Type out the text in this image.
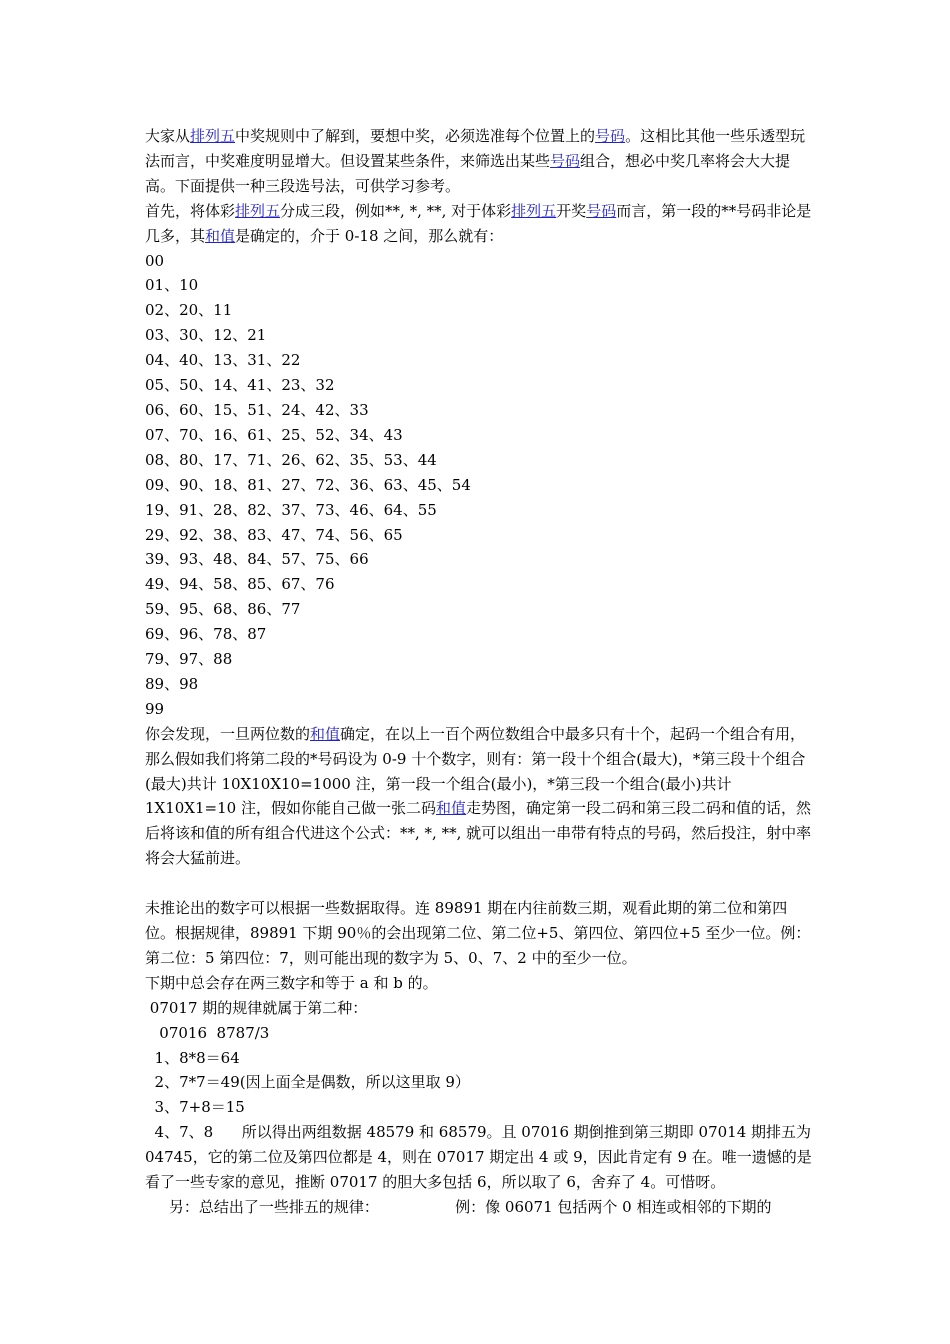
大家从排列五中奖规则中了解到，要想中奖，必须选准每个位置上的号码。这相比其他一些乐透型玩法而言，中奖难度明显增大。但设置某些条件，来筛选出某些号码组合，想必中奖几率将会大大提高。下面提供一种三段选号法，可供学习参考。

首先，将体彩排列五分成三段，例如**, *, **, 对于体彩排列五开奖号码而言，第一段的**号码非论是几多，其和值是确定的，介于 0-18 之间，那么就有：

00
01、10
02、20、11
03、30、12、21
04、40、13、31、22
05、50、14、41、23、32
06、60、15、51、24、42、33
07、70、16、61、25、52、34、43
08、80、17、71、26、62、35、53、44
09、90、18、81、27、72、36、63、45、54
19、91、28、82、37、73、46、64、55
29、92、38、83、47、74、56、65
39、93、48、84、57、75、66
49、94、58、85、67、76
59、95、68、86、77
69、96、78、87
79、97、88
89、98
99

你会发现，一旦两位数的和值确定，在以上一百个两位数组合中最多只有十个，起码一个组合有用，那么假如我们将第二段的*号码设为 0-9 十个数字，则有：第一段十个组合(最大)，*第三段十个组合(最大)共计 10X10X10=1000 注，第一段一个组合(最小)，*第三段一个组合(最小)共计 1X10X1=10 注，假如你能自己做一张二码和值走势图，确定第一段二码和第三段二码和值的话，然后将该和值的所有组合代进这个公式：**, *, **, 就可以组出一串带有特点的号码，然后投注，射中率将会大猛前进。

未推论出的数字可以根据一些数据取得。连 89891 期在内往前数三期，观看此期的第二位和第四位。根据规律，89891 下期 90％的会出现第二位、第二位+5、第四位、第四位+5 至少一位。例：第二位：5 第四位：7，则可能出现的数字为 5、0、7、2 中的至少一位。

下期中总会存在两三数字和等于 a 和 b 的。

07017 期的规律就属于第二种：

07016  8787/3
1、8*8＝64
2、7*7＝49(因上面全是偶数，所以这里取 9）
3、7+8＝15

4、7、8      所以得出两组数据 48579 和 68579。且 07016 期倒推到第三期即 07014 期排五为 04745，它的第二位及第四位都是 4，则在 07017 期定出 4 或 9，因此肯定有 9 在。唯一遗憾的是看了一些专家的意见，推断 07017 的胆大多包括 6，所以取了 6，舍弃了 4。可惜呀。

另：总结出了一些排五的规律：                例：像 06071 包括两个 0 相连或相邻的下期的
